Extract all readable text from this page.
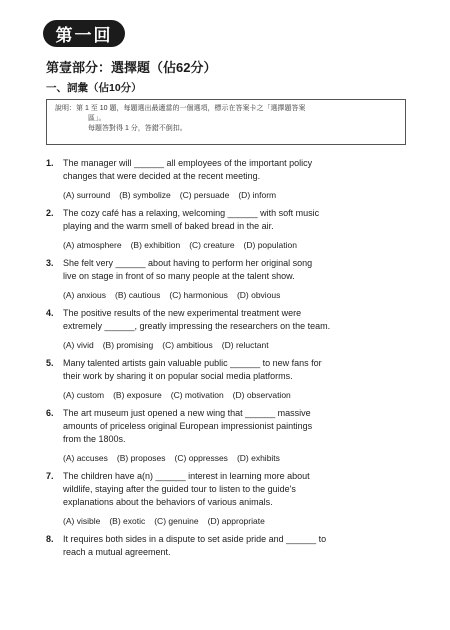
第一回
第壹部分：選擇題（佔62分）
一、詞彙（佔10分）
說明：第 1 至 10 題，每題選出最適當的一個選項，標示在答案卡之「選擇題答案
區」。
每題答對得 1 分，答錯不倒扣。
1. The manager will ______ all employees of the important policy
changes that were decided at the recent meeting.
(A) surround (B) symbolize (C) persuade (D) inform
2. The cozy café has a relaxing, welcoming ______ with soft music
playing and the warm smell of baked bread in the air.
(A) atmosphere (B) exhibition (C) creature (D) population
3. She felt very ______ about having to perform her original song
live on stage in front of so many people at the talent show.
(A) anxious (B) cautious (C) harmonious (D) obvious
4. The positive results of the new experimental treatment were
extremely ______, greatly impressing the researchers on the team.
(A) vivid (B) promising (C) ambitious (D) reluctant
5. Many talented artists gain valuable public ______ to new fans for
their work by sharing it on popular social media platforms.
(A) custom (B) exposure (C) motivation (D) observation
6. The art museum just opened a new wing that ______ massive
amounts of priceless original European impressionist paintings
from the 1800s.
(A) accuses (B) proposes (C) oppresses (D) exhibits
7. The children have a(n) ______ interest in learning more about
wildlife, staying after the guided tour to listen to the guide's
explanations about the behaviors of various animals.
(A) visible (B) exotic (C) genuine (D) appropriate
8. It requires both sides in a dispute to set aside pride and ______ to
reach a mutual agreement.
